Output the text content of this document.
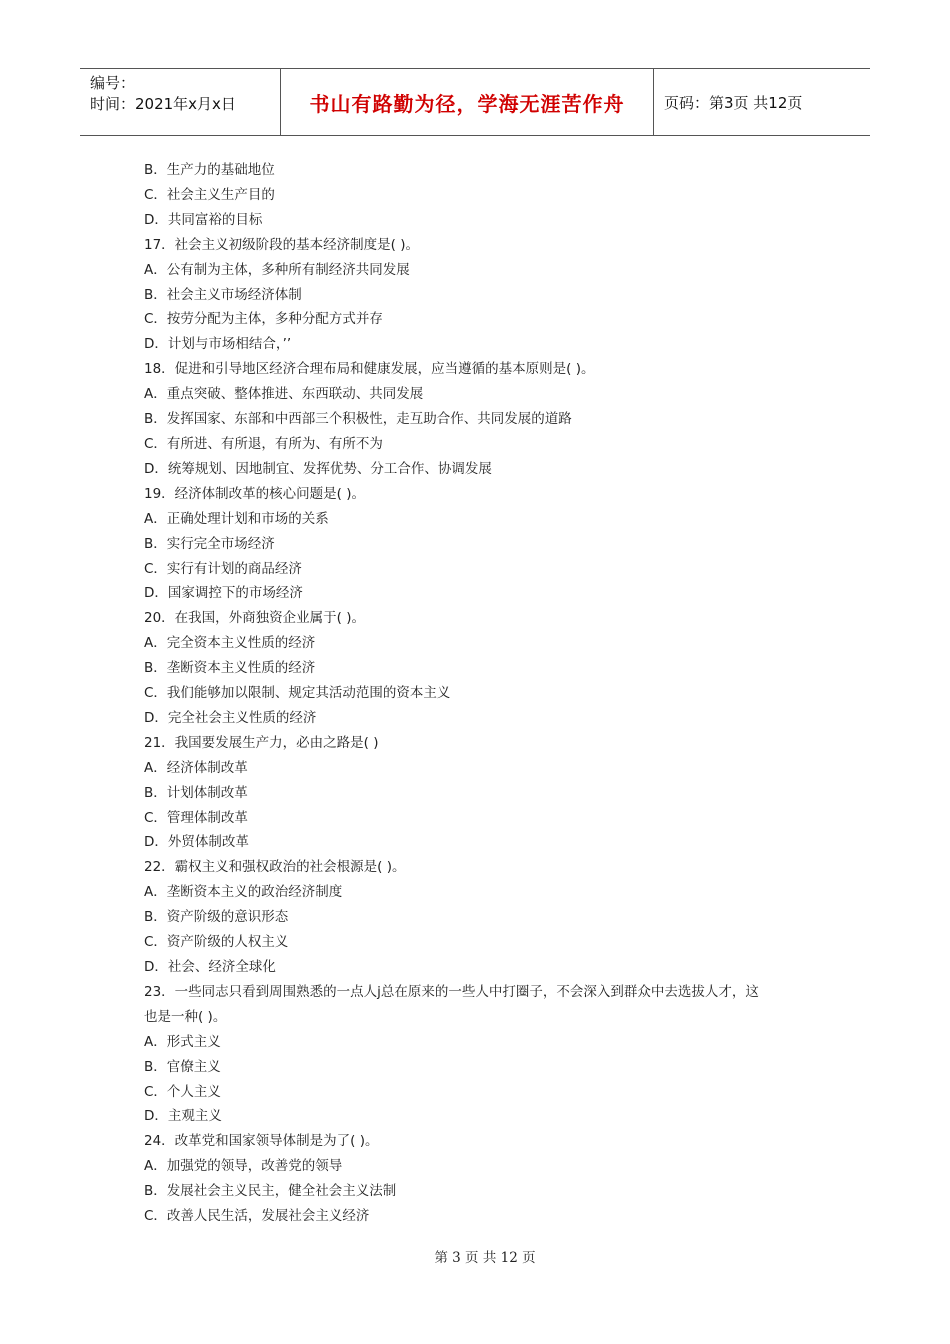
编号：
时间：2021年x月x日	书山有路勤为径，学海无涯苦作舟	页码：第3页 共12页
B．生产力的基础地位
C．社会主义生产目的
D．共同富裕的目标
17．社会主义初级阶段的基本经济制度是( )。
A．公有制为主体，多种所有制经济共同发展
B．社会主义市场经济体制
C．按劳分配为主体，多种分配方式并存
D．计划与市场相结合，’’
18．促进和引导地区经济合理布局和健康发展，应当遵循的基本原则是( )。
A．重点突破、整体推进、东西联动、共同发展
B．发挥国家、东部和中西部三个积极性，走互助合作、共同发展的道路
C．有所进、有所退，有所为、有所不为
D．统筹规划、因地制宜、发挥优势、分工合作、协调发展
19．经济体制改革的核心问题是( )。
A．正确处理计划和市场的关系
B．实行完全市场经济
C．实行有计划的商品经济
D．国家调控下的市场经济
20．在我国，外商独资企业属于( )。
A．完全资本主义性质的经济
B．垄断资本主义性质的经济
C．我们能够加以限制、规定其活动范围的资本主义
D．完全社会主义性质的经济
21．我国要发展生产力，必由之路是( )
A．经济体制改革
B．计划体制改革
C．管理体制改革
D．外贸体制改革
22．霸权主义和强权政治的社会根源是( )。
A．垄断资本主义的政治经济制度
B．资产阶级的意识形态
C．资产阶级的人权主义
D．社会、经济全球化
23．一些同志只看到周围熟悉的一点人j总在原来的一些人中打圈子，不会深入到群众中去选拔人才，这
也是一种( )。
A．形式主义
B．官僚主义
C．个人主义
D．主观主义
24．改革党和国家领导体制是为了( )。
A．加强党的领导，改善党的领导
B．发展社会主义民主，健全社会主义法制
C．改善人民生活，发展社会主义经济
第 3 页 共 12 页
